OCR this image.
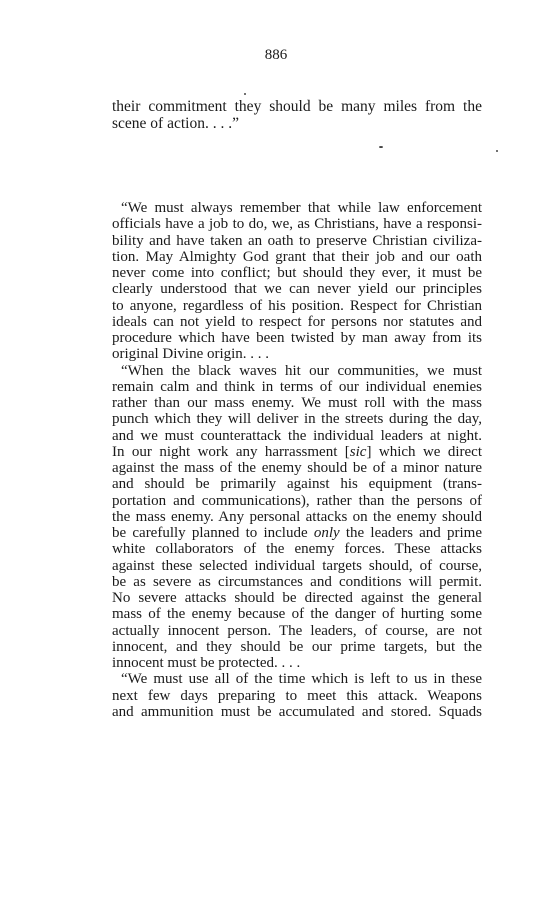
886
their commitment they should be many miles from the
scene of action. . . .”
“We must always remember that while law enforcement
officials have a job to do, we, as Christians, have a responsi-
bility and have taken an oath to preserve Christian civiliza-
tion. May Almighty God grant that their job and our oath
never come into conflict; but should they ever, it must be
clearly understood that we can never yield our principles
to anyone, regardless of his position. Respect for Christian
ideals can not yield to respect for persons nor statutes and
procedure which have been twisted by man away from its
original Divine origin. . . .
“When the black waves hit our communities, we must
remain calm and think in terms of our individual enemies
rather than our mass enemy. We must roll with the mass
punch which they will deliver in the streets during the day,
and we must counterattack the individual leaders at night.
In our night work any harrassment [sic] which we direct
against the mass of the enemy should be of a minor nature
and should be primarily against his equipment (trans-
portation and communications), rather than the persons of
the mass enemy. Any personal attacks on the enemy should
be carefully planned to include only the leaders and prime
white collaborators of the enemy forces. These attacks
against these selected individual targets should, of course,
be as severe as circumstances and conditions will permit.
No severe attacks should be directed against the general
mass of the enemy because of the danger of hurting some
actually innocent person. The leaders, of course, are not
innocent, and they should be our prime targets, but the
innocent must be protected. . . .
“We must use all of the time which is left to us in these
next few days preparing to meet this attack. Weapons
and ammunition must be accumulated and stored. Squads
